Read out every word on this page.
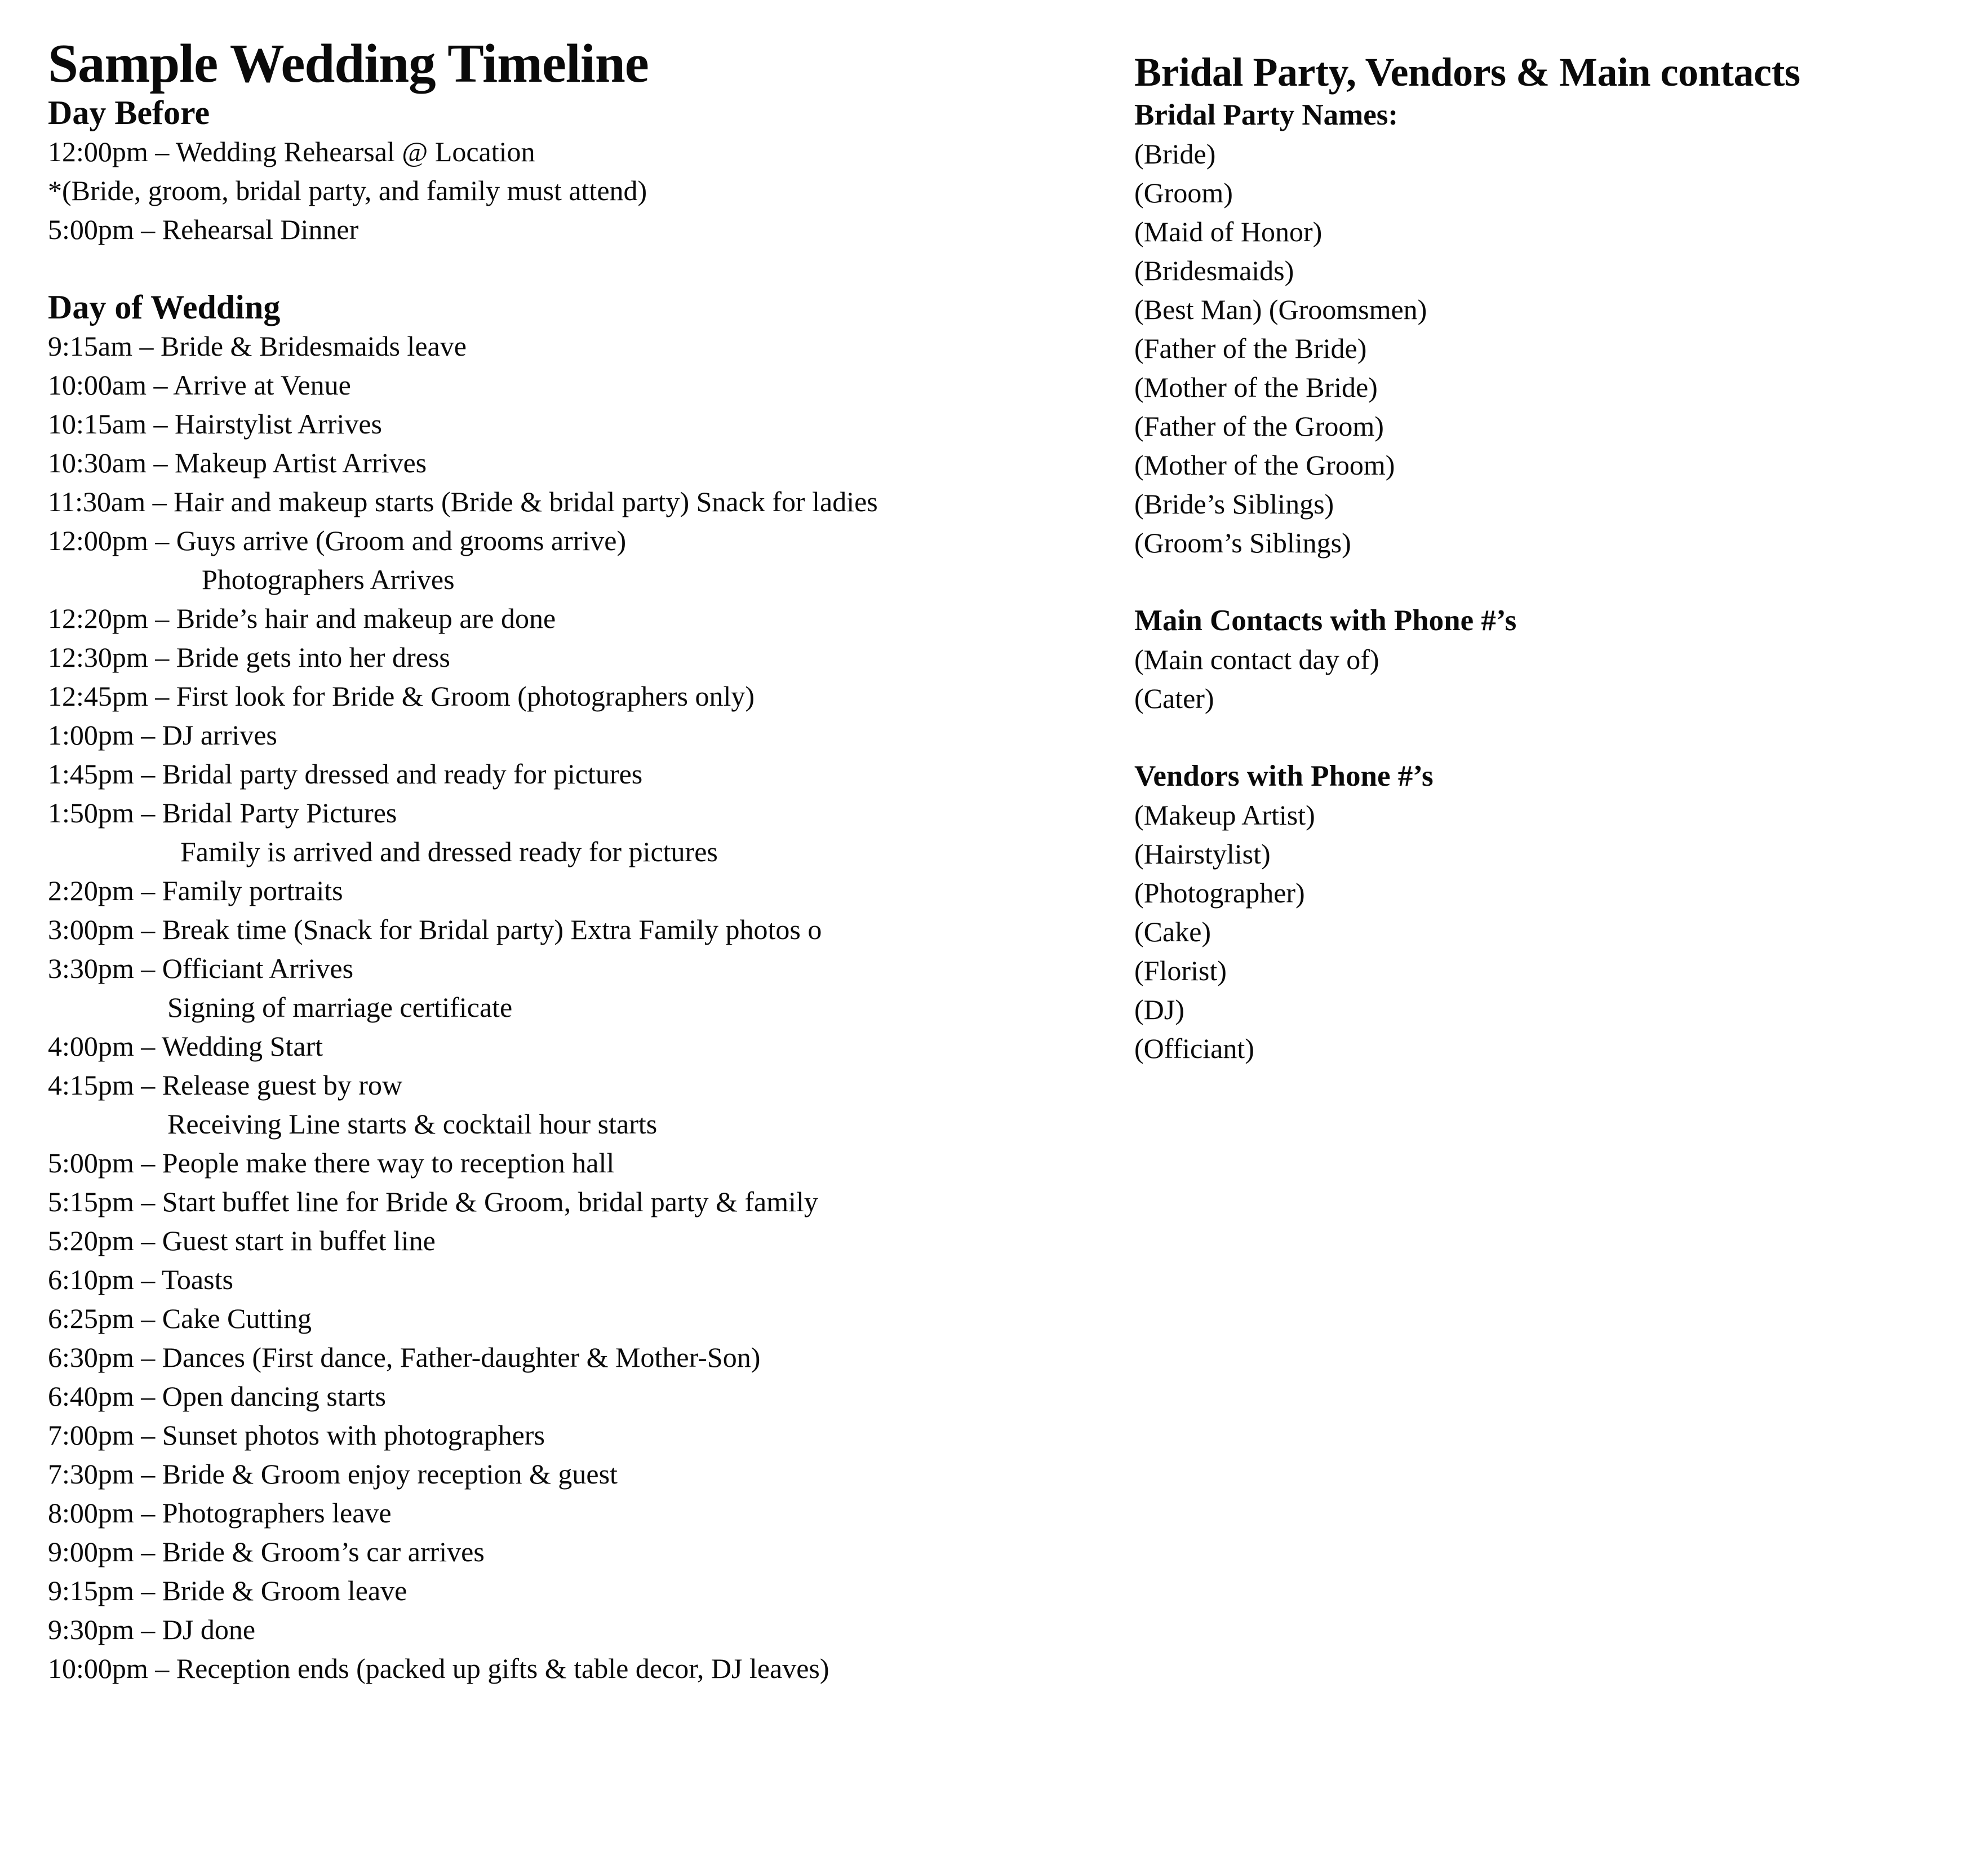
Sample Wedding Timeline
Day Before
12:00pm – Wedding Rehearsal @ Location
*(Bride, groom, bridal party, and family must attend)
5:00pm – Rehearsal Dinner
Day of Wedding
9:15am – Bride & Bridesmaids leave
10:00am – Arrive at Venue
10:15am – Hairstylist Arrives
10:30am – Makeup Artist Arrives
11:30am – Hair and makeup starts (Bride & bridal party) Snack for ladies
12:00pm – Guys arrive (Groom and grooms arrive)
Photographers Arrives
12:20pm – Bride’s hair and makeup are done
12:30pm – Bride gets into her dress
12:45pm – First look for Bride & Groom (photographers only)
1:00pm – DJ arrives
1:45pm – Bridal party dressed and ready for pictures
1:50pm – Bridal Party Pictures
Family is arrived and dressed ready for pictures
2:20pm – Family portraits
3:00pm – Break time (Snack for Bridal party) Extra Family photos o
3:30pm – Officiant Arrives
Signing of marriage certificate
4:00pm – Wedding Start
4:15pm – Release guest by row
Receiving Line starts & cocktail hour starts
5:00pm – People make there way to reception hall
5:15pm – Start buffet line for Bride & Groom, bridal party & family
5:20pm – Guest start in buffet line
6:10pm – Toasts
6:25pm – Cake Cutting
6:30pm – Dances (First dance, Father-daughter & Mother-Son)
6:40pm – Open dancing starts
7:00pm – Sunset photos with photographers
7:30pm – Bride & Groom enjoy reception & guest
8:00pm – Photographers leave
9:00pm – Bride & Groom’s car arrives
9:15pm – Bride & Groom leave
9:30pm – DJ done
10:00pm – Reception ends (packed up gifts & table decor, DJ leaves)
Bridal Party, Vendors & Main contacts
Bridal Party Names:
(Bride)
(Groom)
(Maid of Honor)
(Bridesmaids)
(Best Man) (Groomsmen)
(Father of the Bride)
(Mother of the Bride)
(Father of the Groom)
(Mother of the Groom)
(Bride’s Siblings)
(Groom’s Siblings)
Main Contacts with Phone #’s
(Main contact day of)
(Cater)
Vendors with Phone #’s
(Makeup Artist)
(Hairstylist)
(Photographer)
(Cake)
(Florist)
(DJ)
(Officiant)
